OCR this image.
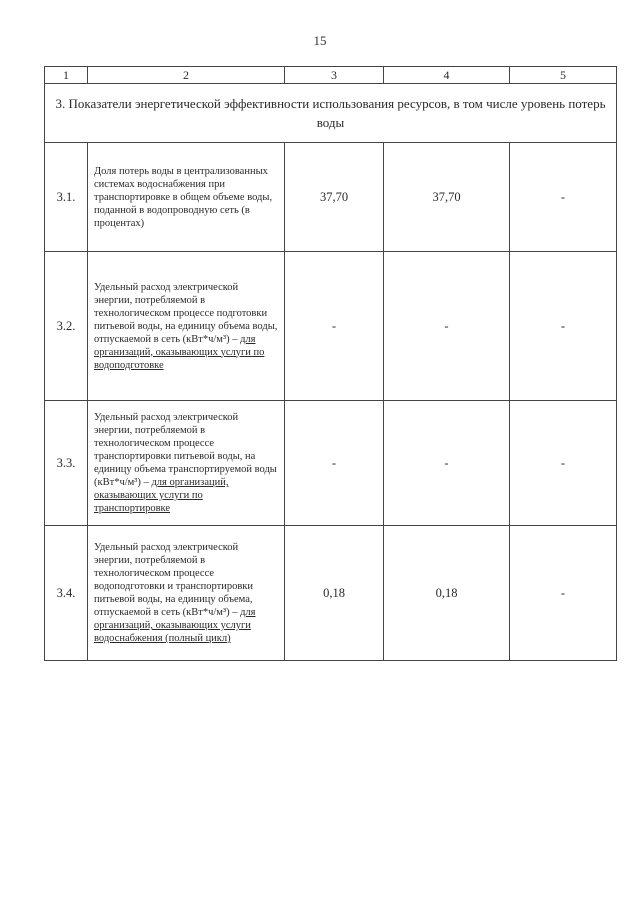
15
1	2	3	4	5
3. Показатели энергетической эффективности использования ресурсов, в том числе уровень потерь воды				
3.1.	Доля потерь воды в централизованных системах водоснабжения при транспортировке в общем объеме воды, поданной в водопроводную сеть (в процентах)	37,70	37,70	-
3.2.	Удельный расход электрической энергии, потребляемой в технологическом процессе подготовки питьевой воды, на единицу объема воды, отпускаемой в сеть (кВт*ч/м³) – для организаций, оказывающих услуги по водоподготовке	-	-	-
3.3.	Удельный расход электрической энергии, потребляемой в технологическом процессе транспортировки питьевой воды, на единицу объема транспортируемой воды (кВт*ч/м³) – для организаций, оказывающих услуги по транспортировке	-	-	-
3.4.	Удельный расход электрической энергии, потребляемой в технологическом процессе водоподготовки и транспортировки питьевой воды, на единицу объема, отпускаемой в сеть (кВт*ч/м³) – для организаций, оказывающих услуги водоснабжения (полный цикл)	0,18	0,18	-
